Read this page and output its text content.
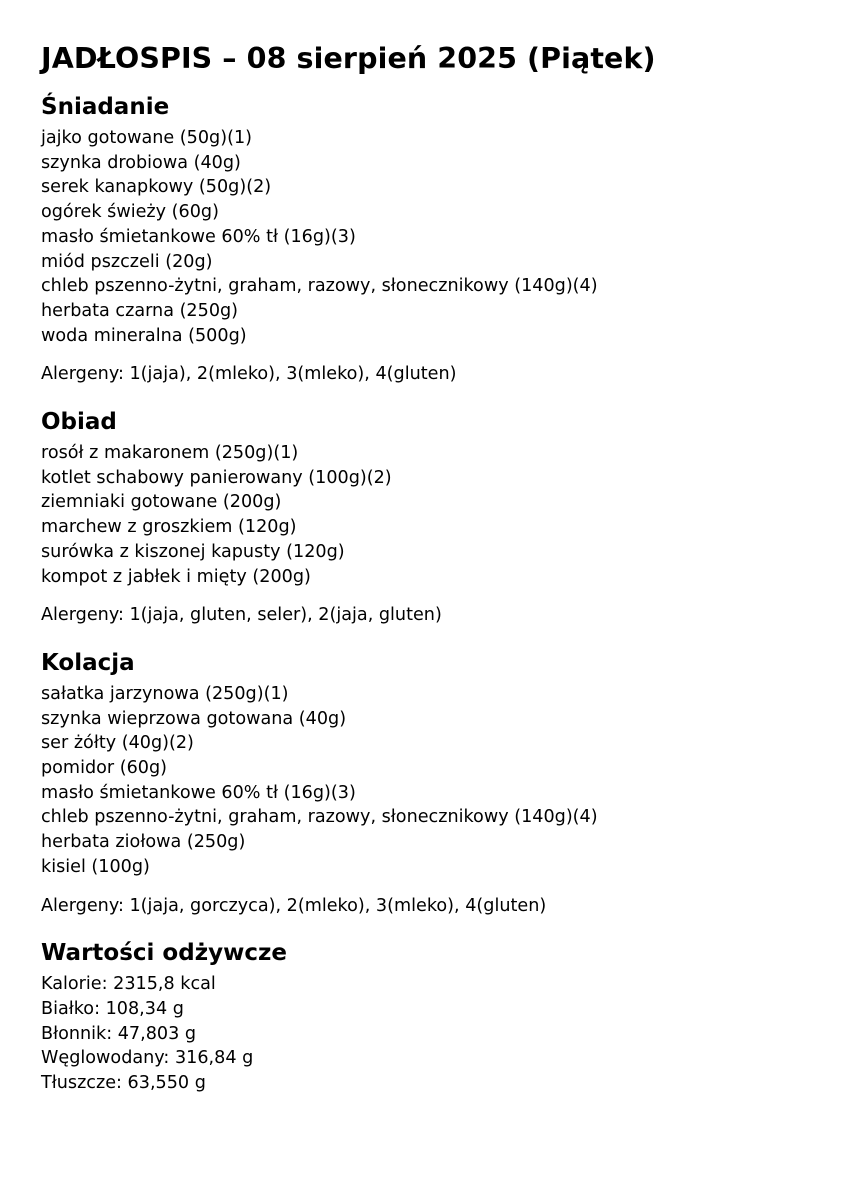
JADŁOSPIS – 08 sierpień 2025 (Piątek)
Śniadanie
jajko gotowane (50g)(1)
szynka drobiowa (40g)
serek kanapkowy (50g)(2)
ogórek świeży (60g)
masło śmietankowe 60% tł (16g)(3)
miód pszczeli (20g)
chleb pszenno-żytni, graham, razowy, słonecznikowy (140g)(4)
herbata czarna (250g)
woda mineralna (500g)
Alergeny: 1(jaja), 2(mleko), 3(mleko), 4(gluten)
Obiad
rosół z makaronem (250g)(1)
kotlet schabowy panierowany (100g)(2)
ziemniaki gotowane (200g)
marchew z groszkiem (120g)
surówka z kiszonej kapusty (120g)
kompot z jabłek i mięty (200g)
Alergeny: 1(jaja, gluten, seler), 2(jaja, gluten)
Kolacja
sałatka jarzynowa (250g)(1)
szynka wieprzowa gotowana (40g)
ser żółty (40g)(2)
pomidor (60g)
masło śmietankowe 60% tł (16g)(3)
chleb pszenno-żytni, graham, razowy, słonecznikowy (140g)(4)
herbata ziołowa (250g)
kisiel (100g)
Alergeny: 1(jaja, gorczyca), 2(mleko), 3(mleko), 4(gluten)
Wartości odżywcze
Kalorie: 2315,8 kcal
Białko: 108,34 g
Błonnik: 47,803 g
Węglowodany: 316,84 g
Tłuszcze: 63,550 g
